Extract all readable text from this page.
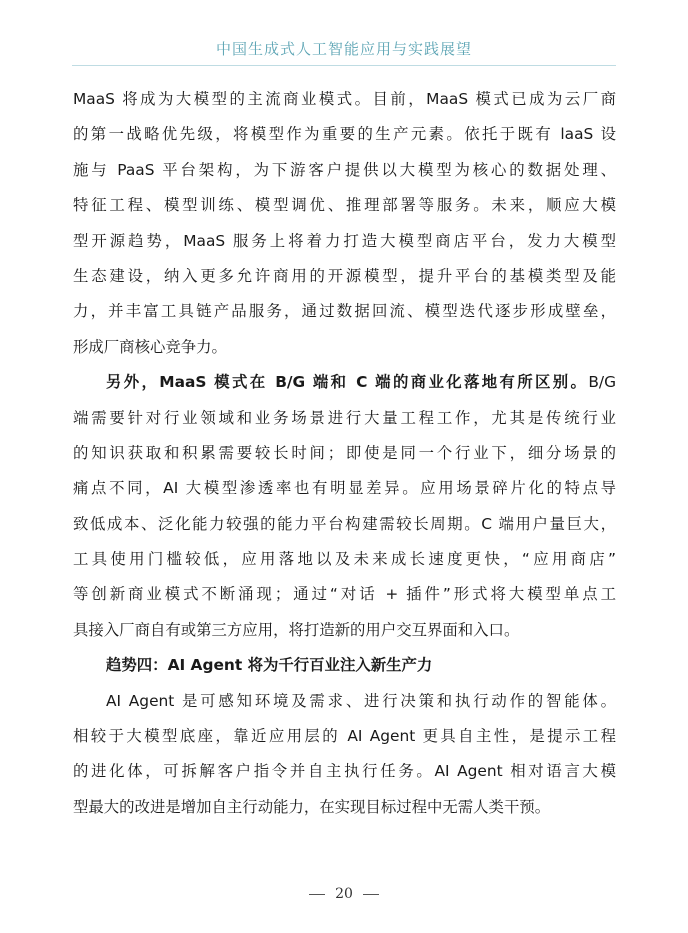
中国生成式人工智能应用与实践展望
MaaS 将成为大模型的主流商业模式。目前，MaaS 模式已成为云厂商
的第一战略优先级，将模型作为重要的生产元素。依托于既有 laaS 设
施与 PaaS 平台架构，为下游客户提供以大模型为核心的数据处理、
特征工程、模型训练、模型调优、推理部署等服务。未来，顺应大模
型开源趋势，MaaS 服务上将着力打造大模型商店平台，发力大模型
生态建设，纳入更多允许商用的开源模型，提升平台的基模类型及能
力，并丰富工具链产品服务，通过数据回流、模型迭代逐步形成壁垒，
形成厂商核心竞争力。
另外，MaaS 模式在 B/G 端和 C 端的商业化落地有所区别。B/G
端需要针对行业领域和业务场景进行大量工程工作，尤其是传统行业
的知识获取和积累需要较长时间；即使是同一个行业下，细分场景的
痛点不同，AI 大模型渗透率也有明显差异。应用场景碎片化的特点导
致低成本、泛化能力较强的能力平台构建需较长周期。C 端用户量巨大，
工具使用门槛较低，应用落地以及未来成长速度更快，“应用商店”
等创新商业模式不断涌现；通过“对话 + 插件”形式将大模型单点工
具接入厂商自有或第三方应用，将打造新的用户交互界面和入口。
趋势四：AI Agent 将为千行百业注入新生产力
AI Agent 是可感知环境及需求、进行决策和执行动作的智能体。
相较于大模型底座，靠近应用层的 AI Agent 更具自主性，是提示工程
的进化体，可拆解客户指令并自主执行任务。AI Agent 相对语言大模
型最大的改进是增加自主行动能力，在实现目标过程中无需人类干预。
20
